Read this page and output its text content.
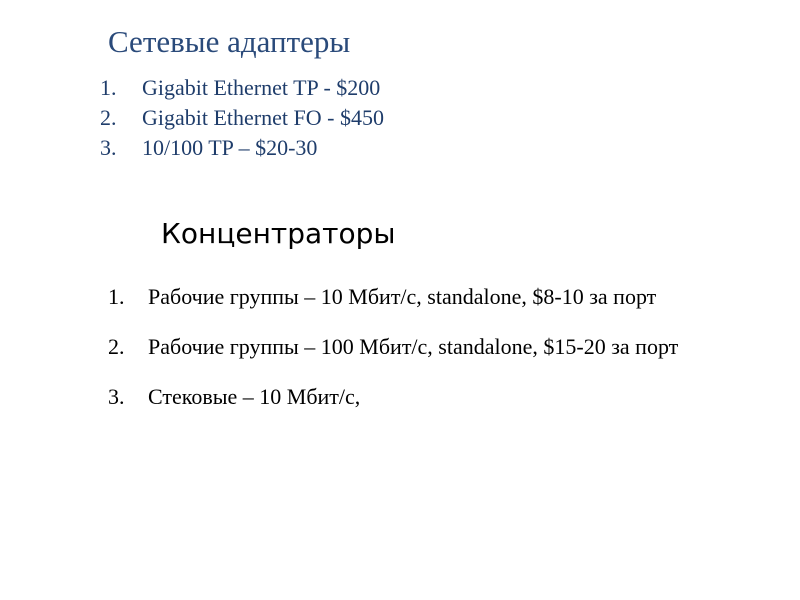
Сетевые адаптеры
1.	Gigabit Ethernet TP - $200
2.	Gigabit Ethernet FO - $450
3.	10/100 TP – $20-30
Концентраторы
1.	Рабочие группы – 10 Мбит/с, standalone, $8-10 за порт
2.	Рабочие группы – 100 Мбит/с, standalone, $15-20 за порт
3.	Стековые – 10 Мбит/с,
